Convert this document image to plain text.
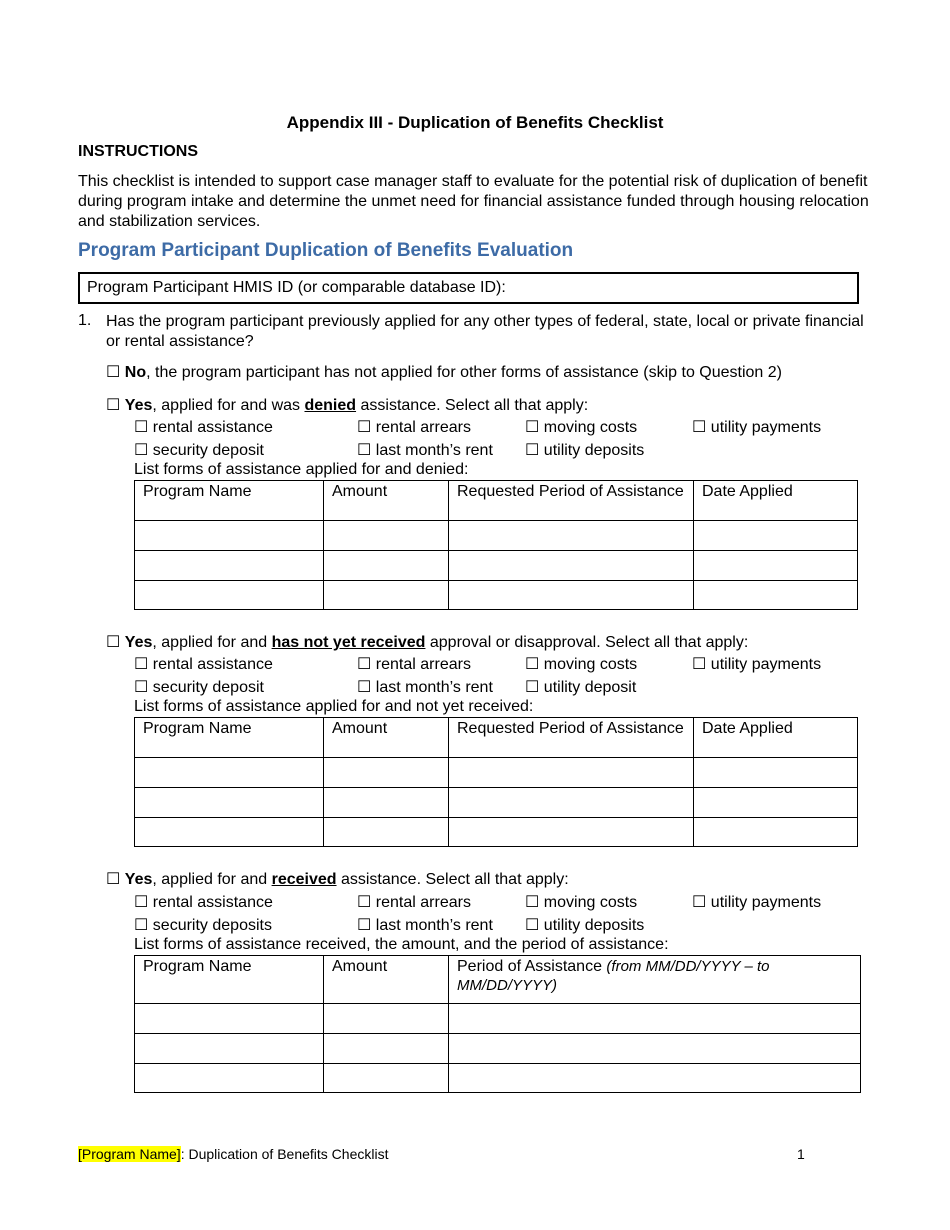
Appendix III - Duplication of Benefits Checklist
INSTRUCTIONS
This checklist is intended to support case manager staff to evaluate for the potential risk of duplication of benefit during program intake and determine the unmet need for financial assistance funded through housing relocation and stabilization services.
Program Participant Duplication of Benefits Evaluation
Program Participant HMIS ID (or comparable database ID):
1. Has the program participant previously applied for any other types of federal, state, local or private financial or rental assistance?
☐ No, the program participant has not applied for other forms of assistance (skip to Question 2)
☐ Yes, applied for and was denied assistance. Select all that apply:
☐ rental assistance	☐ rental arrears	☐ moving costs	☐ utility payments
☐ security deposit	☐ last month’s rent ☐ utility deposits
List forms of assistance applied for and denied:
Program Name	Amount	Requested Period of Assistance	Date Applied

☐ Yes, applied for and has not yet received approval or disapproval. Select all that apply:
☐ rental assistance	☐ rental arrears	☐ moving costs	☐ utility payments
☐ security deposit	☐ last month’s rent ☐ utility deposit
List forms of assistance applied for and not yet received:
Program Name	Amount	Requested Period of Assistance	Date Applied

☐ Yes, applied for and received assistance. Select all that apply:
☐ rental assistance	☐ rental arrears	☐ moving costs	☐ utility payments
☐ security deposits	☐ last month’s rent ☐ utility deposits
List forms of assistance received, the amount, and the period of assistance:
Program Name	Amount	Period of Assistance (from MM/DD/YYYY – to MM/DD/YYYY)

[Program Name]: Duplication of Benefits Checklist	1
